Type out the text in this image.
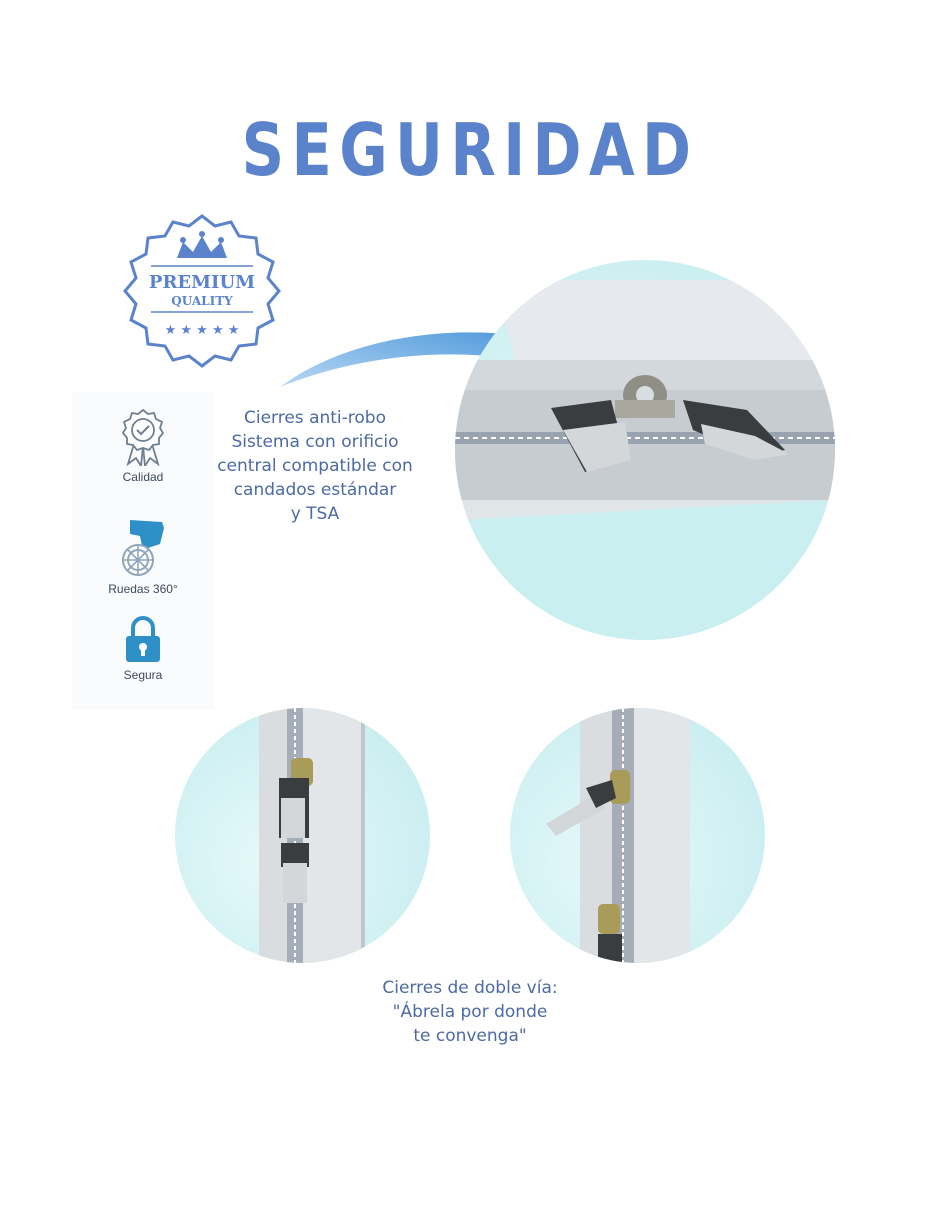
SEGURIDAD
PREMIUM
QUALITY
★ ★ ★ ★ ★
Calidad
Ruedas 360°
Segura
Cierres anti-robo
Sistema con orificio
central compatible con
candados estándar
y TSA
Cierres de doble vía:
"Ábrela por donde
te convenga"
